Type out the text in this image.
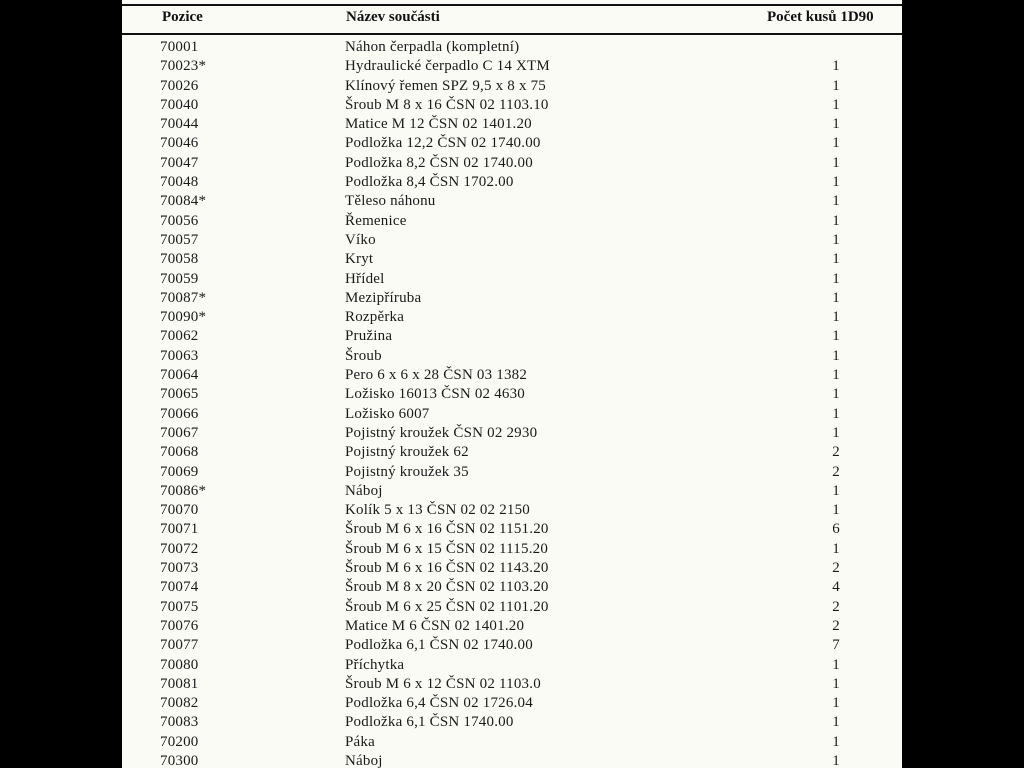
Pozice	Název součásti	Počet kusů 1D90
70001	Náhon čerpadla (kompletní)
70023*	Hydraulické čerpadlo C 14 XTM	1
70026	Klínový řemen SPZ 9,5 x 8 x 75	1
70040	Šroub M 8 x 16 ČSN 02 1103.10	1
70044	Matice M 12 ČSN 02 1401.20	1
70046	Podložka 12,2 ČSN 02 1740.00	1
70047	Podložka 8,2 ČSN 02 1740.00	1
70048	Podložka 8,4 ČSN 1702.00	1
70084*	Těleso náhonu	1
70056	Řemenice	1
70057	Víko	1
70058	Kryt	1
70059	Hřídel	1
70087*	Mezipříruba	1
70090*	Rozpěrka	1
70062	Pružina	1
70063	Šroub	1
70064	Pero 6 x 6 x 28 ČSN 03 1382	1
70065	Ložisko 16013 ČSN 02 4630	1
70066	Ložisko 6007	1
70067	Pojistný kroužek ČSN 02 2930	1
70068	Pojistný kroužek 62	2
70069	Pojistný kroužek 35	2
70086*	Náboj	1
70070	Kolík 5 x 13 ČSN 02 02 2150	1
70071	Šroub M 6 x 16 ČSN 02 1151.20	6
70072	Šroub M 6 x 15 ČSN 02 1115.20	1
70073	Šroub M 6 x 16 ČSN 02 1143.20	2
70074	Šroub M 8 x 20 ČSN 02 1103.20	4
70075	Šroub M 6 x 25 ČSN 02 1101.20	2
70076	Matice M 6 ČSN 02 1401.20	2
70077	Podložka 6,1 ČSN 02 1740.00	7
70080	Příchytka	1
70081	Šroub M 6 x 12 ČSN 02 1103.0	1
70082	Podložka 6,4 ČSN 02 1726.04	1
70083	Podložka 6,1 ČSN 1740.00	1
70200	Páka	1
70300	Náboj	1
